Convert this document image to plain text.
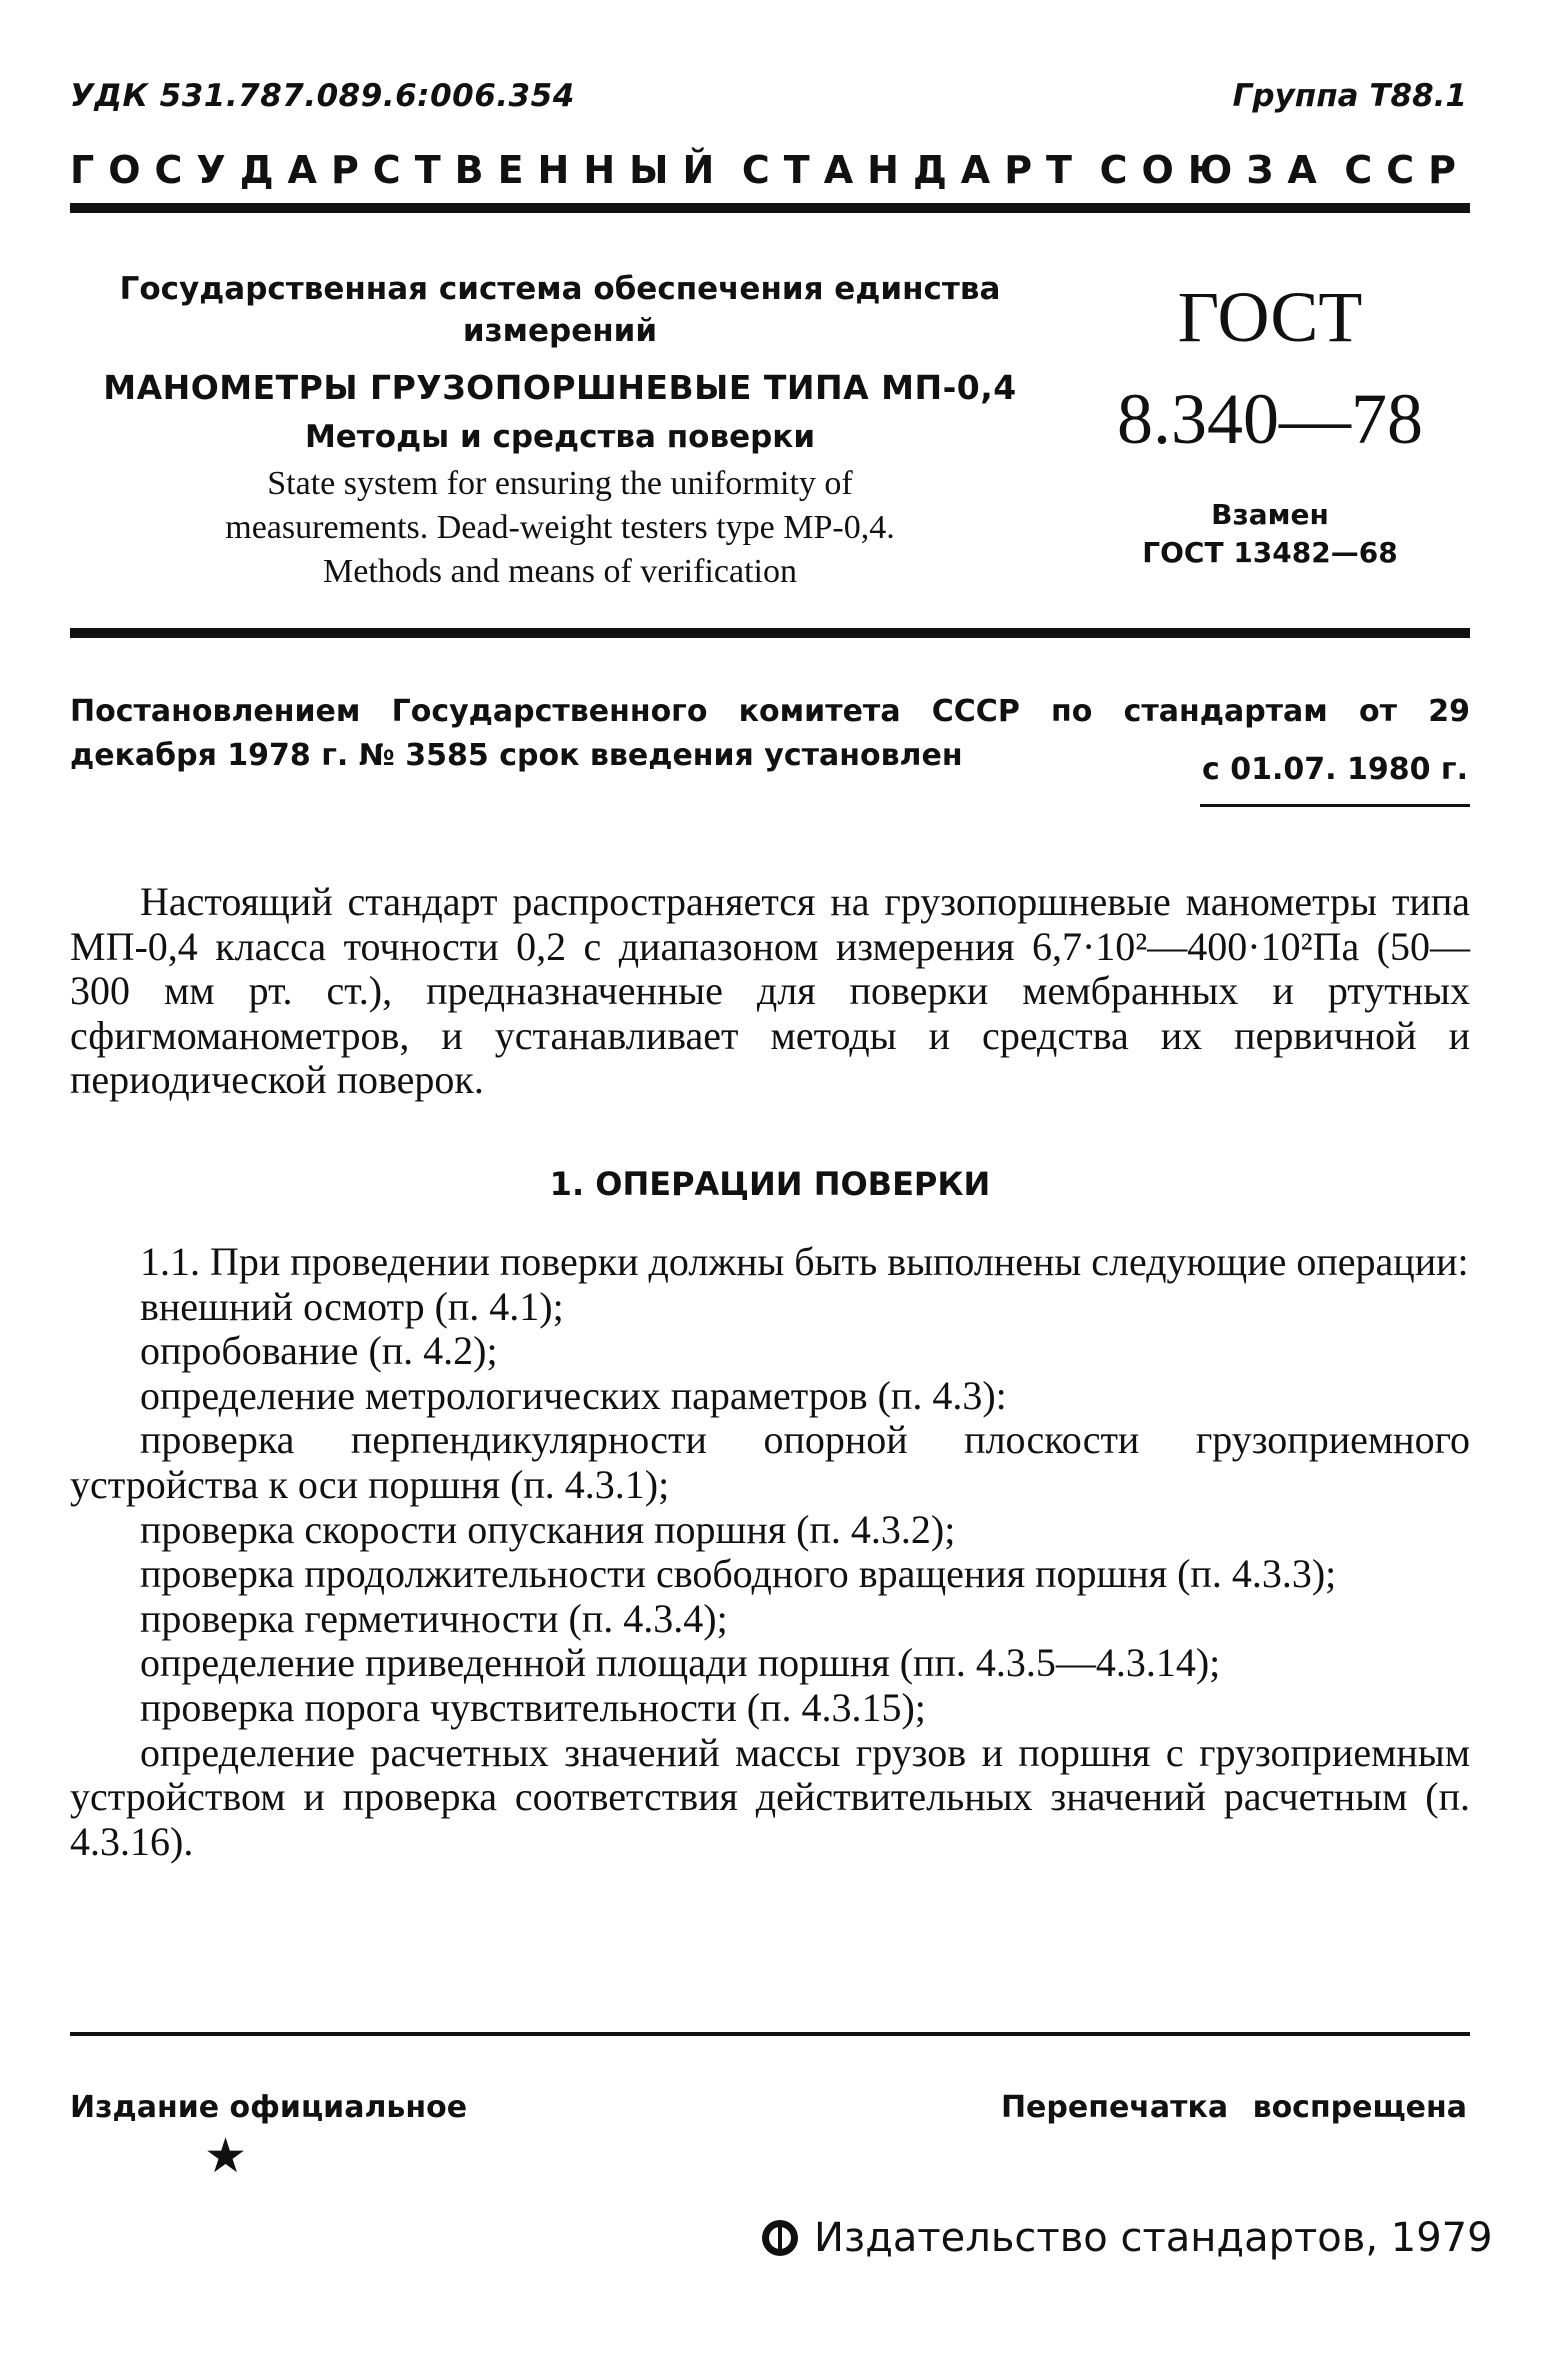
УДК 531.787.089.6:006.354	Группа Т88.1
ГОСУДАРСТВЕННЫЙ СТАНДАРТ СОЮЗА ССР
Государственная система обеспечения единства
измерений
МАНОМЕТРЫ ГРУЗОПОРШНЕВЫЕ ТИПА МП-0,4
Методы и средства поверки
State system for ensuring the uniformity of
measurements. Dead-weight testers type MP-0,4.
Methods and means of verification
ГОСТ
8.340—78
Взамен
ГОСТ 13482—68
Постановлением Государственного комитета СССР по стандартам от 29 декабря 1978 г. № 3585 срок введения установлен	с 01.07. 1980 г.

Настоящий стандарт распространяется на грузопоршневые манометры типа МП-0,4 класса точности 0,2 с диапазоном измерения 6,7·10²—400·10²Па (50—300 мм рт. ст.), предназначенные для поверки мембранных и ртутных сфигмоманометров, и устанавливает методы и средства их первичной и периодической поверок.

1. ОПЕРАЦИИ ПОВЕРКИ

1.1. При проведении поверки должны быть выполнены следующие операции:

внешний осмотр (п. 4.1);

опробование (п. 4.2);

определение метрологических параметров (п. 4.3):

проверка перпендикулярности опорной плоскости грузоприемного устройства к оси поршня (п. 4.3.1);

проверка скорости опускания поршня (п. 4.3.2);

проверка продолжительности свободного вращения поршня (п. 4.3.3);

проверка герметичности (п. 4.3.4);

определение приведенной площади поршня (пп. 4.3.5—4.3.14);

проверка порога чувствительности (п. 4.3.15);

определение расчетных значений массы грузов и поршня с грузоприемным устройством и проверка соответствия действительных значений расчетным (п. 4.3.16).

Издание официальное	Перепечатка воспрещена
★
Издательство стандартов, 1979
